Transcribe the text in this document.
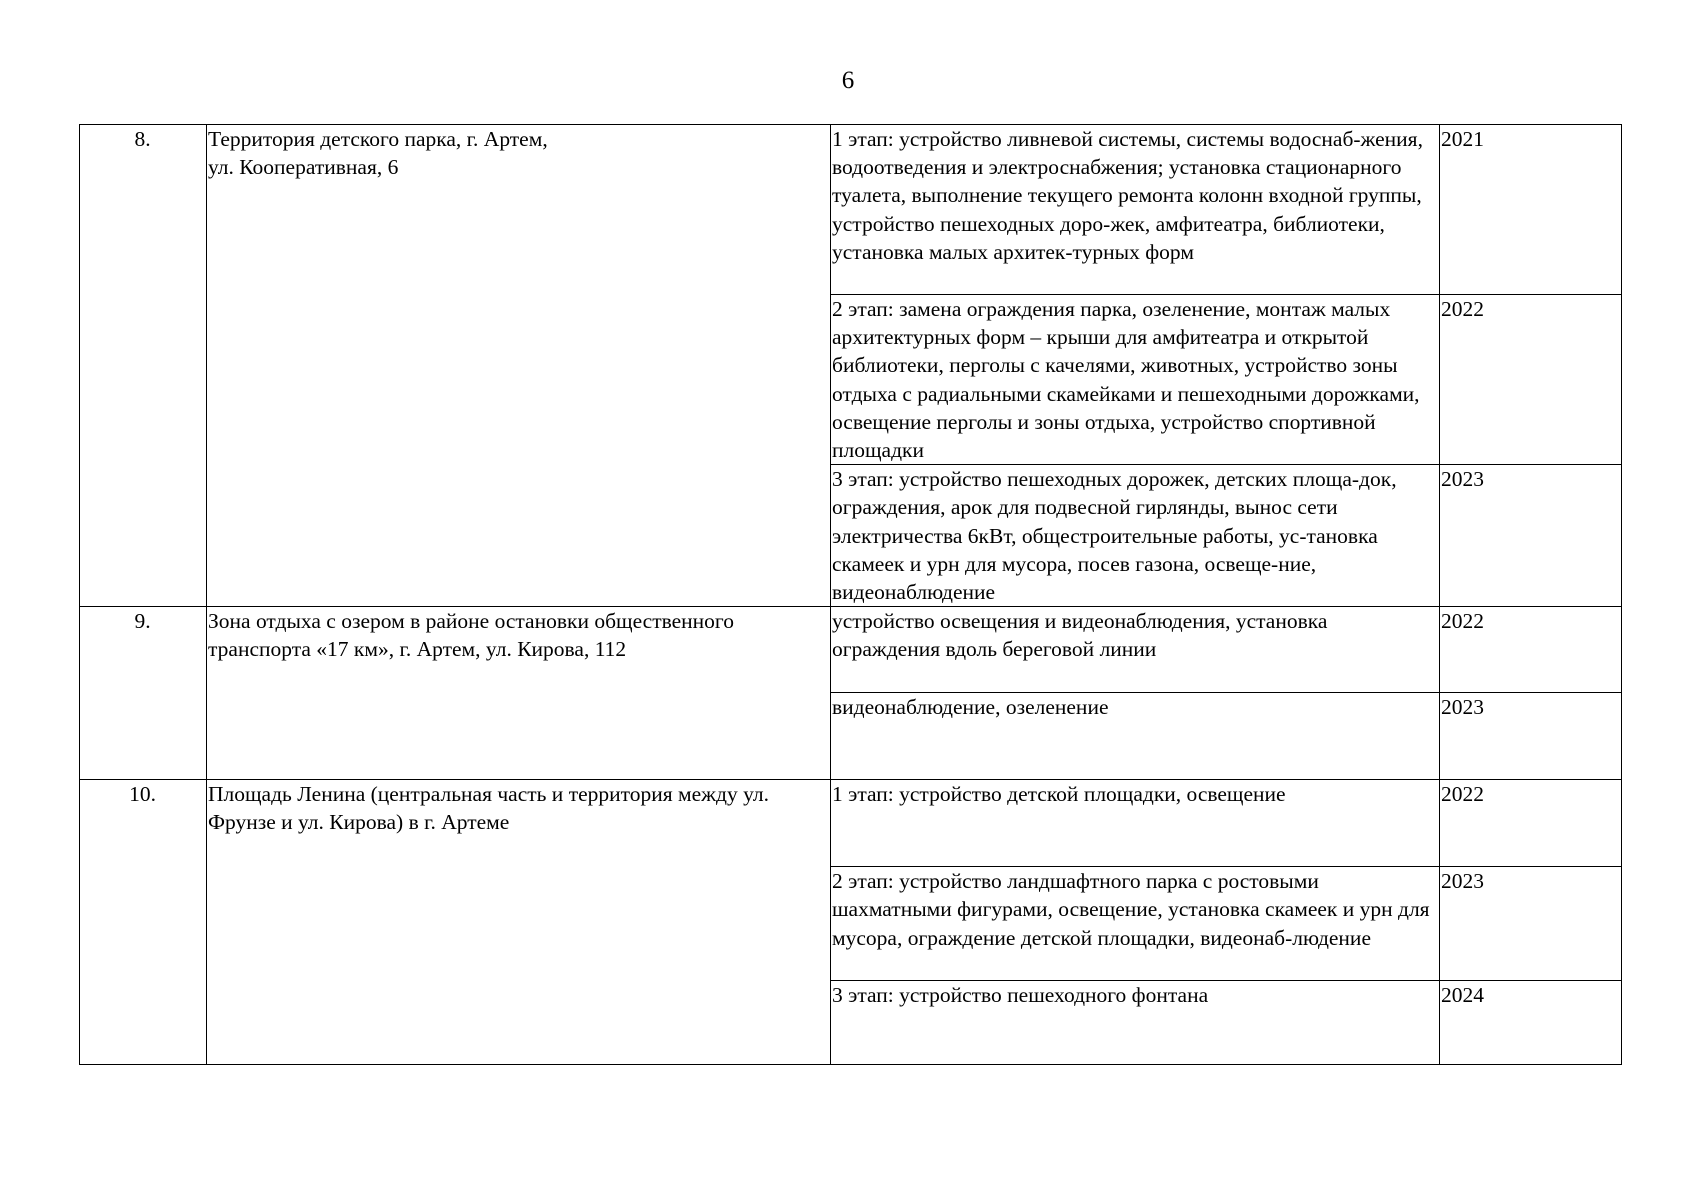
6
8.	Территория детского парка, г. Артем,
ул. Кооперативная, 6	1 этап: устройство ливневой системы, системы водоснаб-жения, водоотведения и электроснабжения; установка стационарного туалета, выполнение текущего ремонта колонн входной группы, устройство пешеходных доро-жек, амфитеатра, библиотеки, установка малых архитек-турных форм	2021

		2 этап: замена ограждения парка, озеленение, монтаж малых архитектурных форм – крыши для амфитеатра и открытой библиотеки, перголы с качелями, животных, устройство зоны отдыха с радиальными скамейками и пешеходными дорожками, освещение перголы и зоны отдыха, устройство спортивной площадки	2022

		3 этап: устройство пешеходных дорожек, детских площа-док, ограждения, арок для подвесной гирлянды, вынос сети электричества 6кВт, общестроительные работы, ус-тановка скамеек и урн для мусора, посев газона, освеще-ние, видеонаблюдение	2023
9.	Зона отдыха с озером в районе остановки общественного транспорта «17 км», г. Артем, ул. Кирова, 112	устройство освещения и видеонаблюдения, установка ограждения вдоль береговой линии	2022

		видеонаблюдение, озеленение	2023
10.	Площадь Ленина (центральная часть и территория между ул. Фрунзе и ул. Кирова) в г. Артеме	1 этап: устройство детской площадки, освещение	2022

		2 этап: устройство ландшафтного парка с ростовыми шахматными фигурами, освещение, установка скамеек и урн для мусора, ограждение детской площадки, видеонаб-людение	2023

		3 этап: устройство пешеходного фонтана	2024
